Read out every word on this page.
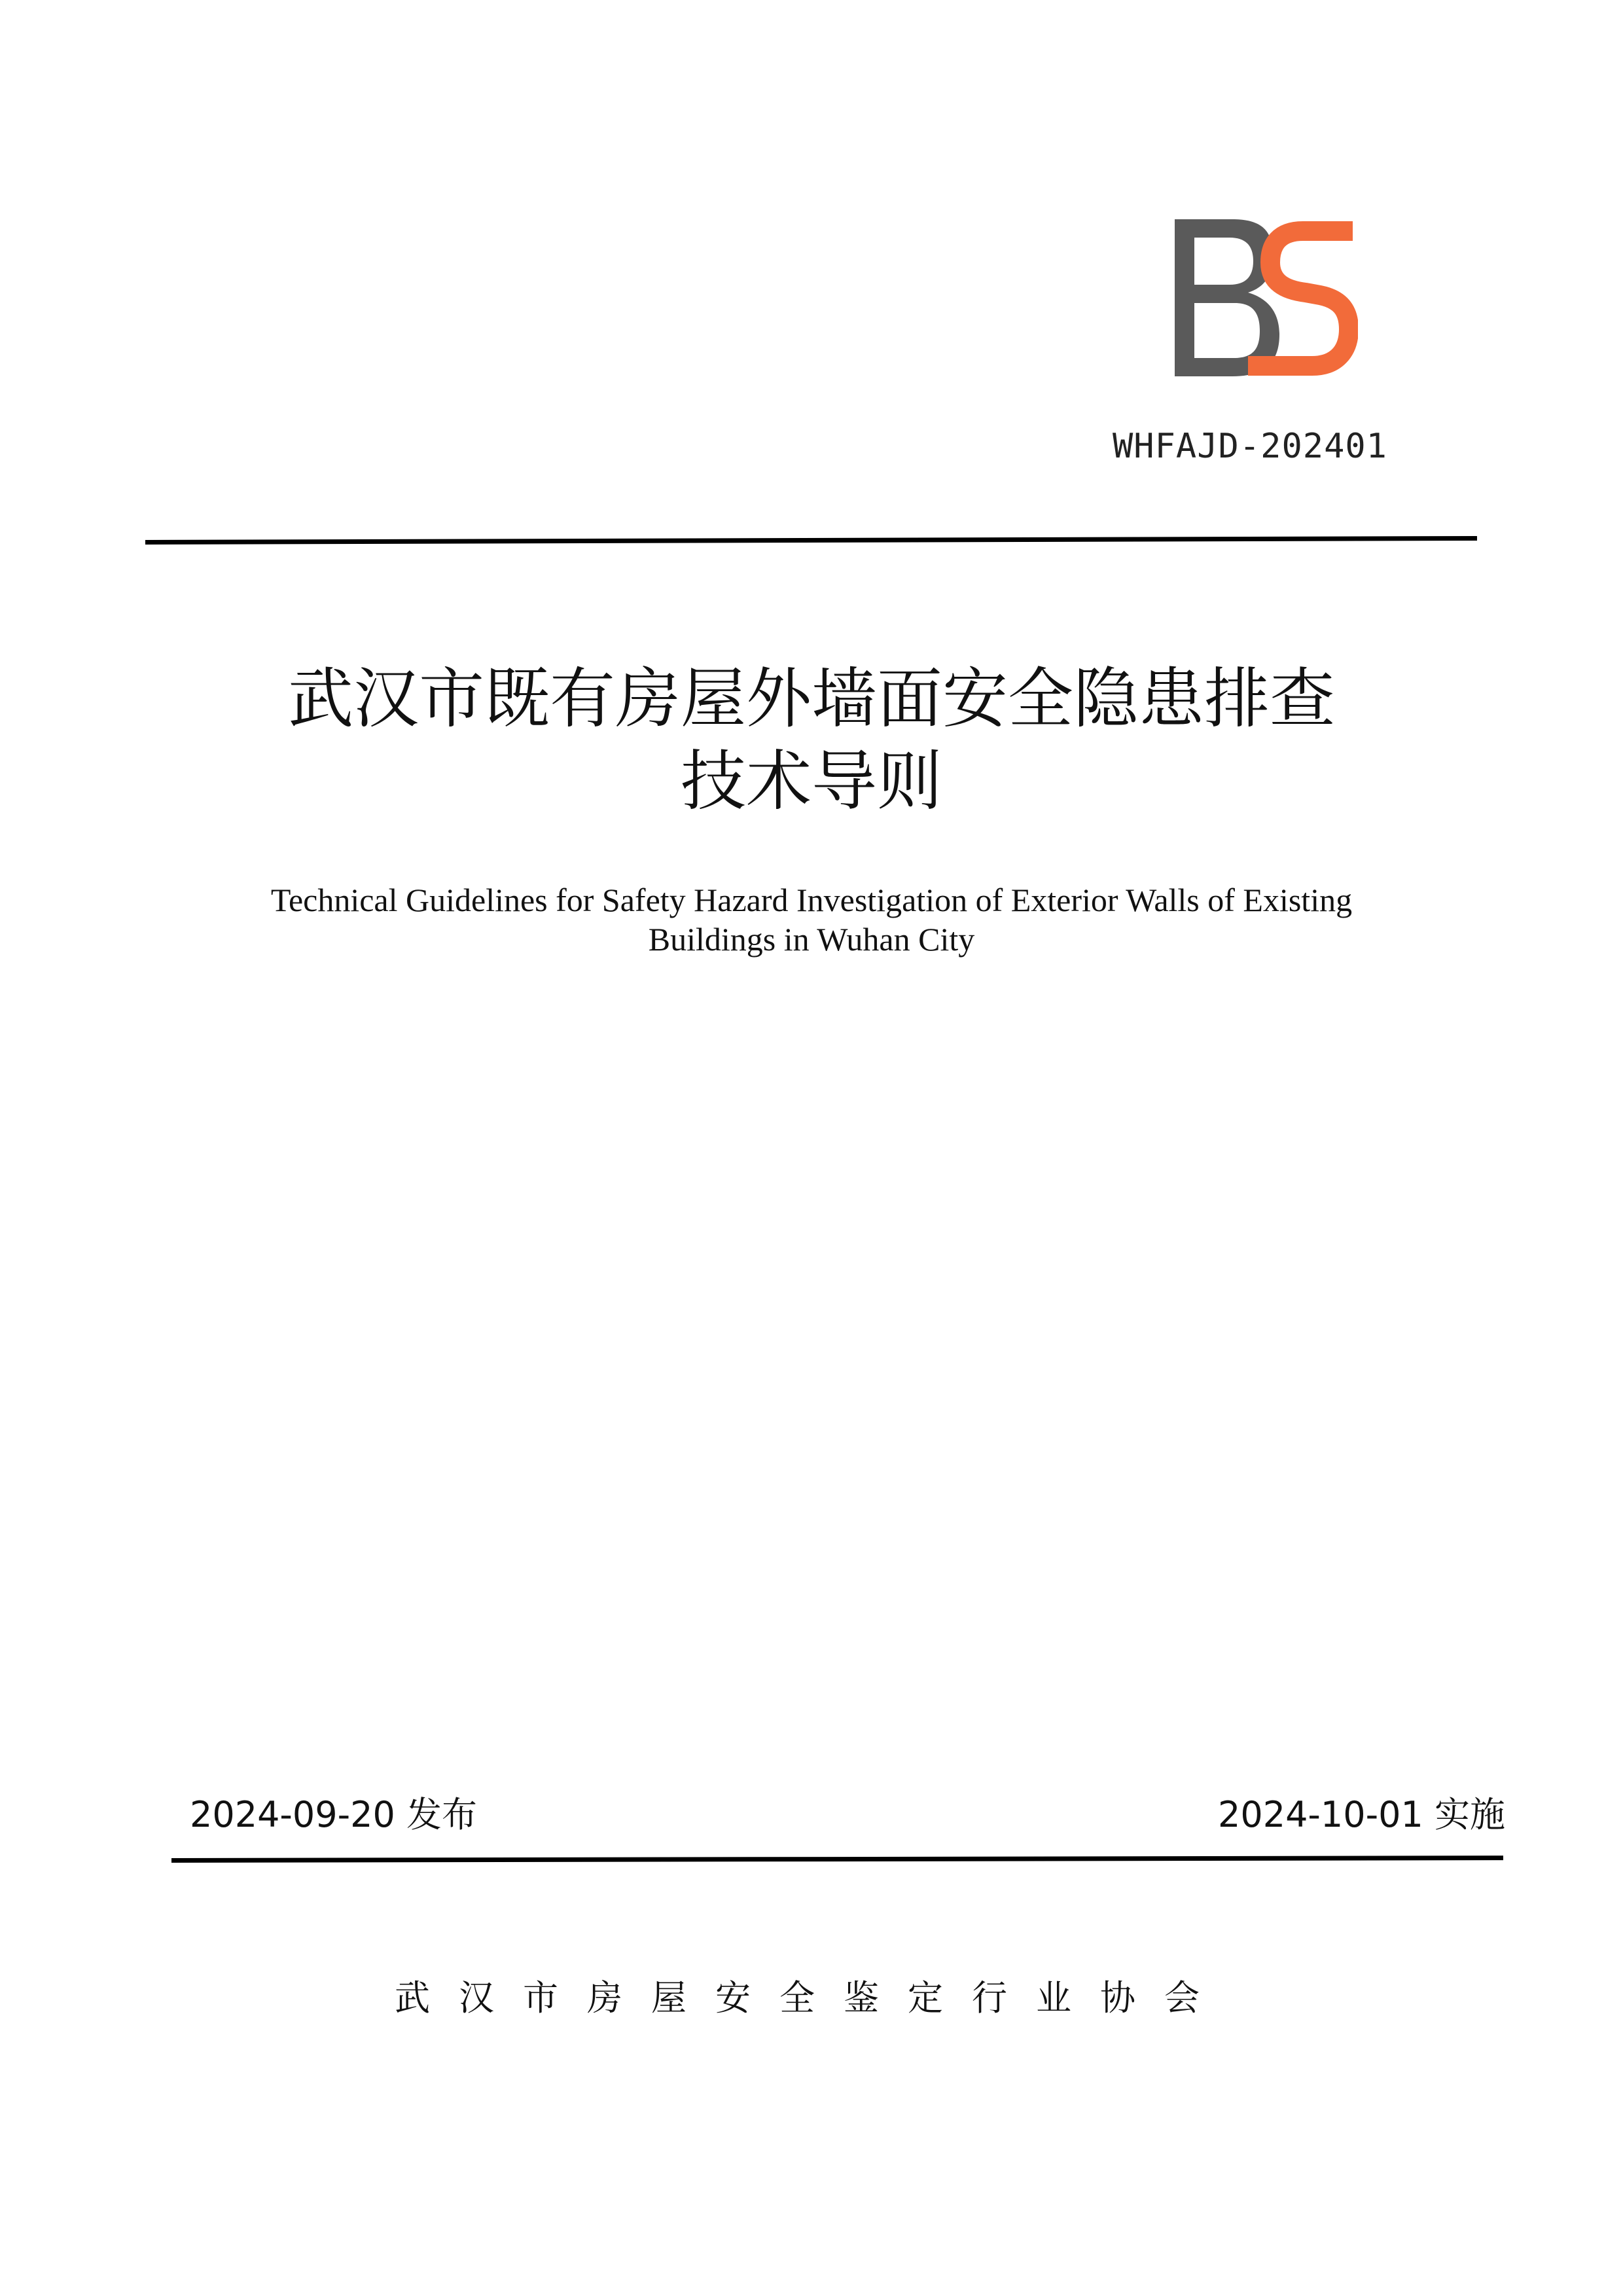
WHFAJD-202401
武汉市既有房屋外墙面安全隐患排查
技术导则
Technical Guidelines for Safety Hazard Investigation of Exterior Walls of Existing
Buildings in Wuhan City
2024-09-20 发布	2024-10-01 实施
武汉市房屋安全鉴定行业协会
